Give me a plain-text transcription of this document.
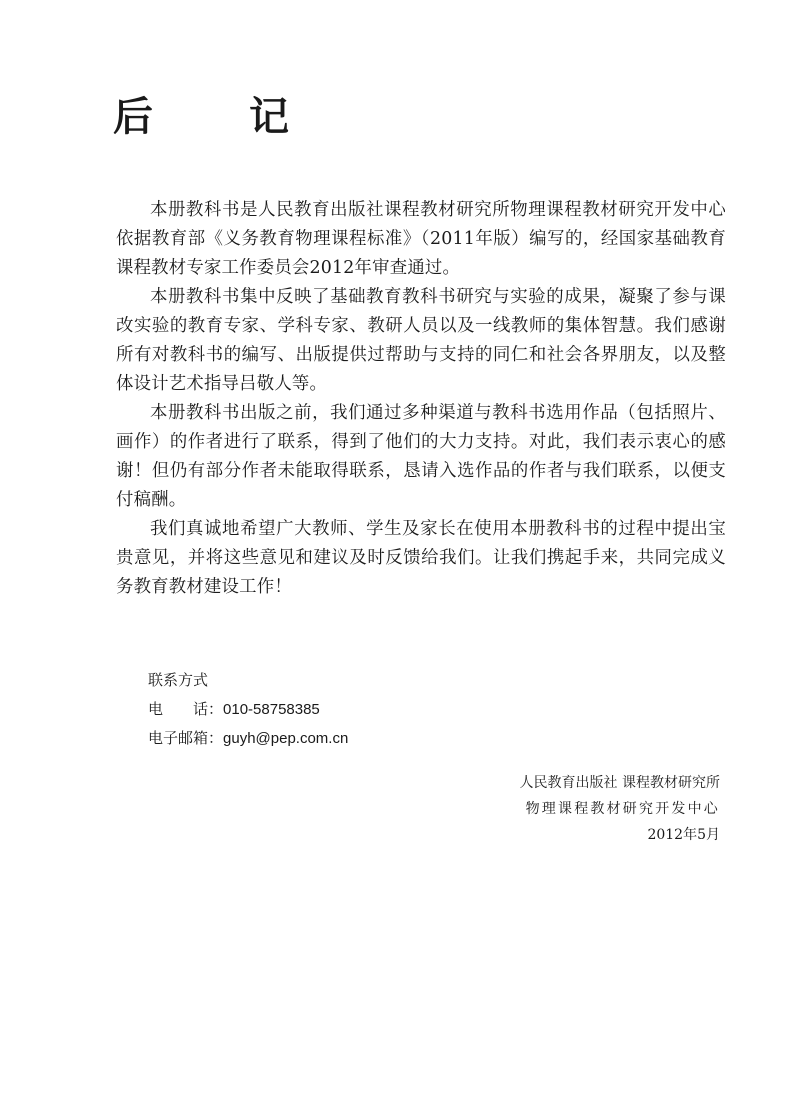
后　记

本册教科书是人民教育出版社课程教材研究所物理课程教材研究开发中心依据教育部《义务教育物理课程标准》（2011年版）编写的，经国家基础教育课程教材专家工作委员会2012年审查通过。

本册教科书集中反映了基础教育教科书研究与实验的成果，凝聚了参与课改实验的教育专家、学科专家、教研人员以及一线教师的集体智慧。我们感谢所有对教科书的编写、出版提供过帮助与支持的同仁和社会各界朋友，以及整体设计艺术指导吕敬人等。

本册教科书出版之前，我们通过多种渠道与教科书选用作品（包括照片、画作）的作者进行了联系，得到了他们的大力支持。对此，我们表示衷心的感谢！但仍有部分作者未能取得联系，恳请入选作品的作者与我们联系，以便支付稿酬。

我们真诚地希望广大教师、学生及家长在使用本册教科书的过程中提出宝贵意见，并将这些意见和建议及时反馈给我们。让我们携起手来，共同完成义务教育教材建设工作！

联系方式
电　　话：010-58758385
电子邮箱：guyh@pep.com.cn
人民教育出版社 课程教材研究所
物理课程教材研究开发中心
2012年5月
